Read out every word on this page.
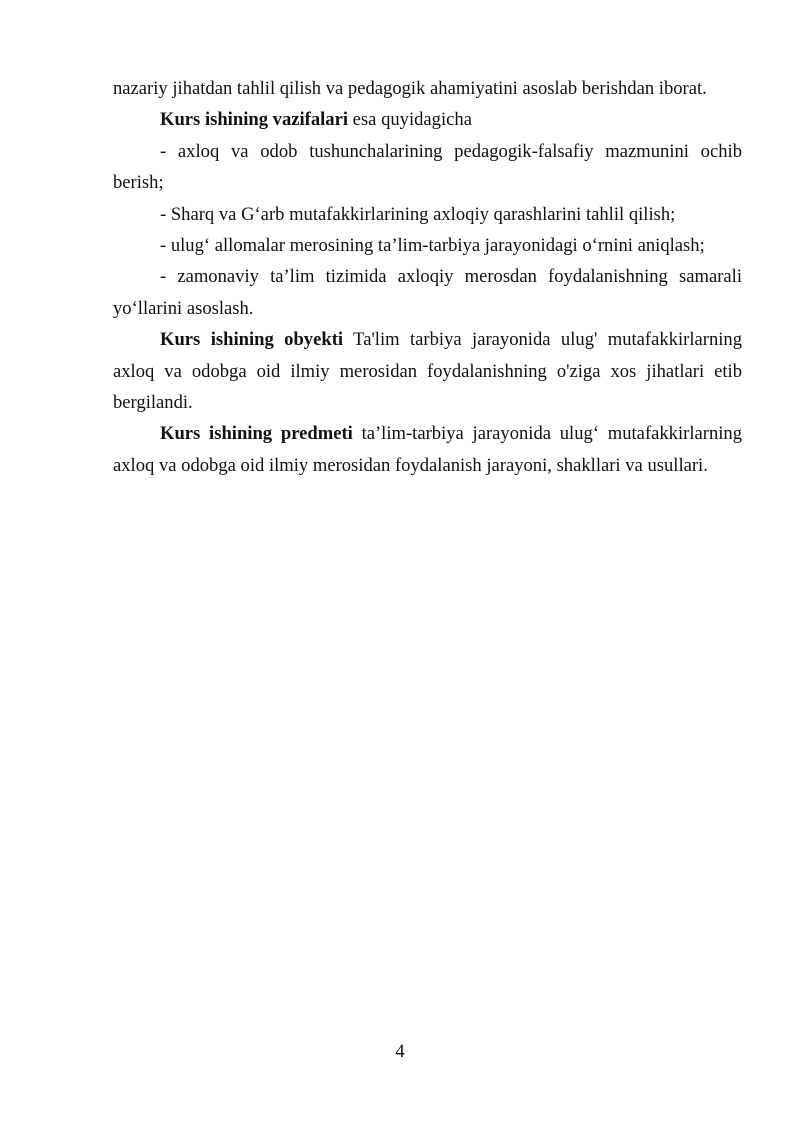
nazariy jihatdan tahlil qilish va pedagogik ahamiyatini asoslab berishdan iborat.

Kurs ishining vazifalari esa quyidagicha

- axloq va odob tushunchalarining pedagogik-falsafiy mazmunini ochib berish;

- Sharq va G‘arb mutafakkirlarining axloqiy qarashlarini tahlil qilish;

- ulug‘ allomalar merosining ta’lim-tarbiya jarayonidagi o‘rnini aniqlash;

- zamonaviy ta’lim tizimida axloqiy merosdan foydalanishning samarali yo‘llarini asoslash.

Kurs ishining obyekti Ta'lim tarbiya jarayonida ulug' mutafakkirlarning axloq va odobga oid ilmiy merosidan foydalanishning o'ziga xos jihatlari etib bergilandi.

Kurs ishining predmeti ta’lim-tarbiya jarayonida ulug‘ mutafakkirlarning axloq va odobga oid ilmiy merosidan foydalanish jarayoni, shakllari va usullari.

4
